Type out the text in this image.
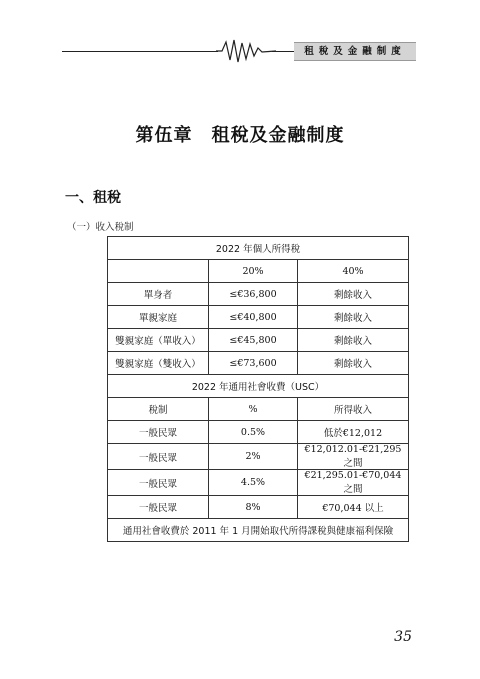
租稅及金融制度
第伍章　租稅及金融制度
一、租稅
（一）收入稅制
2022 年個人所得稅		
	20%	40%
單身者	≤€36,800	剩餘收入
單親家庭	≤€40,800	剩餘收入
雙親家庭（單收入）	≤€45,800	剩餘收入
雙親家庭（雙收入）	≤€73,600	剩餘收入
2022 年通用社會收費（USC）		
稅制	%	所得收入
一般民眾	0.5%	低於€12,012
一般民眾	2%	€12,012.01-€21,295 之間
一般民眾	4.5%	€21,295.01-€70,044 之間
一般民眾	8%	€70,044 以上
通用社會收費於 2011 年 1 月開始取代所得課稅與健康福利保險		
35
